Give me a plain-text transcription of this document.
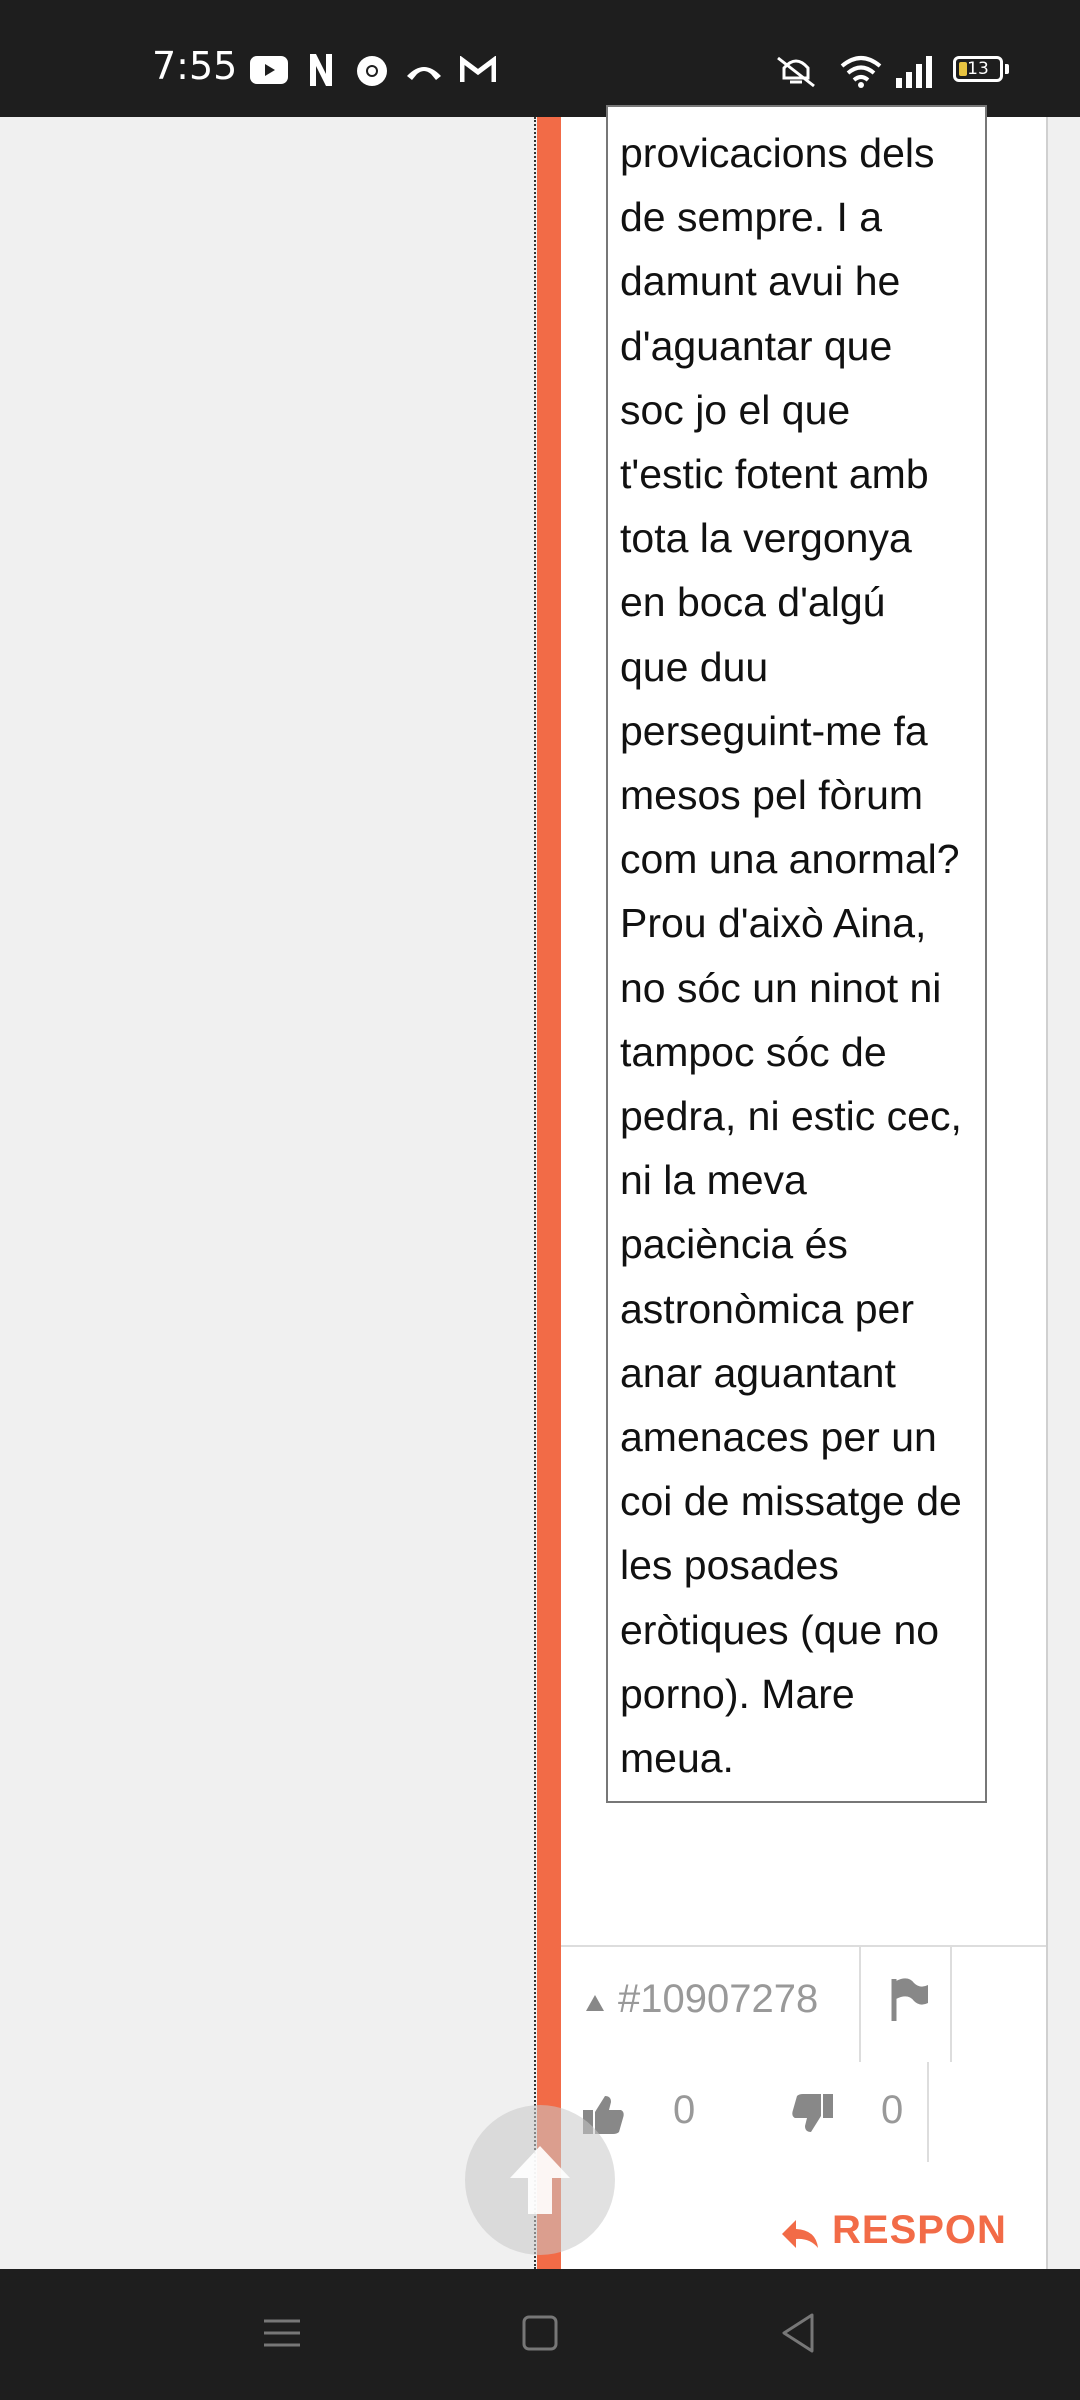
7:55	13
provicacions dels
de sempre. I a
damunt avui he
d'aguantar que
soc jo el que
t'estic fotent amb
tota la vergonya
en boca d'algú
que duu
perseguint-me fa
mesos pel fòrum
com una anormal?
Prou d'això Aina,
no sóc un ninot ni
tampoc sóc de
pedra, ni estic cec,
ni la meva
paciència és
astronòmica per
anar aguantant
amenaces per un
coi de missatge de
les posades
eròtiques (que no
porno). Mare
meua.
#10907278
0	0
RESPON
